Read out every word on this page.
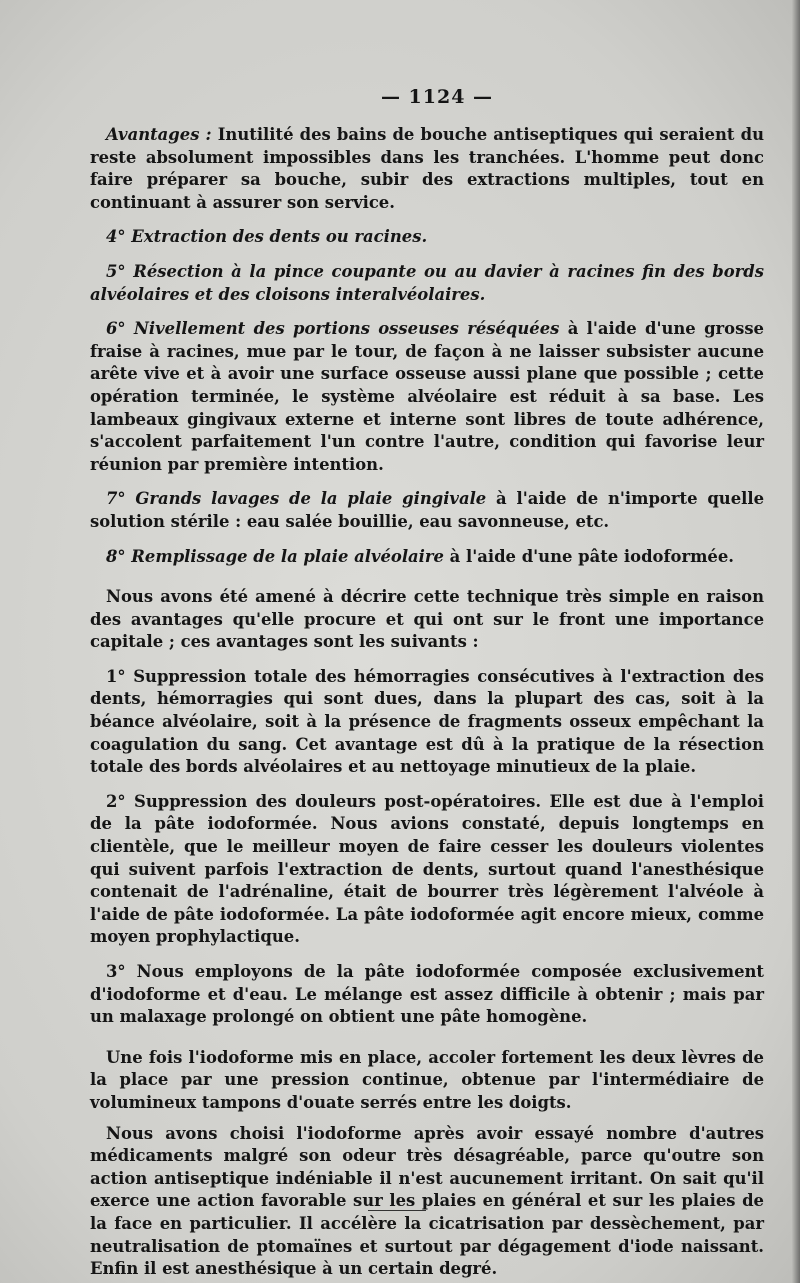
— 1124 —

Avantages : Inutilité des bains de bouche antiseptiques qui seraient du reste absolument impossibles dans les tranchées. L'homme peut donc faire préparer sa bouche, subir des extractions multiples, tout en continuant à assurer son service.

4° Extraction des dents ou racines.

5° Résection à la pince coupante ou au davier à racines fin des bords alvéolaires et des cloisons interalvéolaires.

6° Nivellement des portions osseuses réséquées à l'aide d'une grosse fraise à racines, mue par le tour, de façon à ne laisser subsister aucune arête vive et à avoir une surface osseuse aussi plane que possible ; cette opération terminée, le système alvéolaire est réduit à sa base. Les lambeaux gingivaux externe et interne sont libres de toute adhérence, s'accolent parfaitement l'un contre l'autre, condition qui favorise leur réunion par première intention.

7° Grands lavages de la plaie gingivale à l'aide de n'importe quelle solution stérile : eau salée bouillie, eau savonneuse, etc.

8° Remplissage de la plaie alvéolaire à l'aide d'une pâte iodoformée.

Nous avons été amené à décrire cette technique très simple en raison des avantages qu'elle procure et qui ont sur le front une importance capitale ; ces avantages sont les suivants :

1° Suppression totale des hémorragies consécutives à l'extraction des dents, hémorragies qui sont dues, dans la plupart des cas, soit à la béance alvéolaire, soit à la présence de fragments osseux empêchant la coagulation du sang. Cet avantage est dû à la pratique de la résection totale des bords alvéolaires et au nettoyage minutieux de la plaie.

2° Suppression des douleurs post-opératoires. Elle est due à l'emploi de la pâte iodoformée. Nous avions constaté, depuis longtemps en clientèle, que le meilleur moyen de faire cesser les douleurs violentes qui suivent parfois l'extraction de dents, surtout quand l'anesthésique contenait de l'adrénaline, était de bourrer très légèrement l'alvéole à l'aide de pâte iodoformée. La pâte iodoformée agit encore mieux, comme moyen prophylactique.

3° Nous employons de la pâte iodoformée composée exclusivement d'iodoforme et d'eau. Le mélange est assez difficile à obtenir ; mais par un malaxage prolongé on obtient une pâte homogène.

Une fois l'iodoforme mis en place, accoler fortement les deux lèvres de la place par une pression continue, obtenue par l'intermédiaire de volumineux tampons d'ouate serrés entre les doigts.

Nous avons choisi l'iodoforme après avoir essayé nombre d'autres médicaments malgré son odeur très désagréable, parce qu'outre son action antiseptique indéniable il n'est aucunement irritant. On sait qu'il exerce une action favorable sur les plaies en général et sur les plaies de la face en particulier. Il accélère la cicatrisation par dessèchement, par neutralisation de ptomaïnes et surtout par dégagement d'iode naissant. Enfin il est anesthésique à un certain degré.
